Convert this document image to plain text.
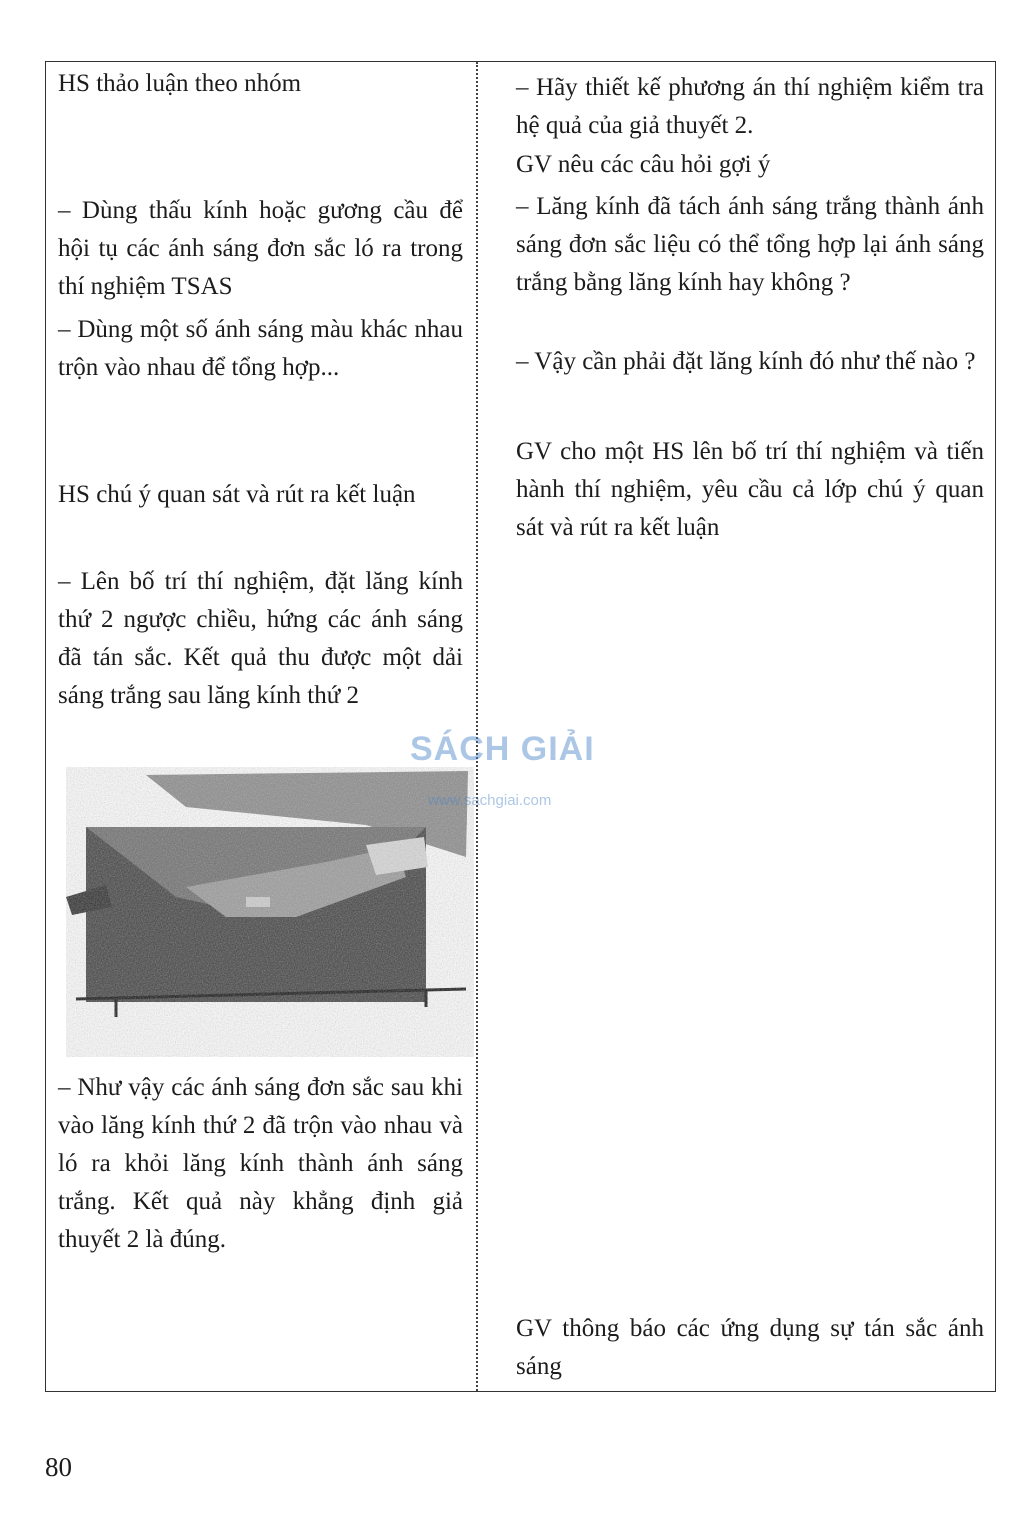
HS thảo luận theo nhóm

– Dùng thấu kính hoặc gương cầu để hội tụ các ánh sáng đơn sắc ló ra trong thí nghiệm TSAS

– Dùng một số ánh sáng màu khác nhau trộn vào nhau để tổng hợp...

HS chú ý quan sát và rút ra kết luận

– Lên bố trí thí nghiệm, đặt lăng kính thứ 2 ngược chiều, hứng các ánh sáng đã tán sắc. Kết quả thu được một dải sáng trắng sau lăng kính thứ 2

– Như vậy các ánh sáng đơn sắc sau khi vào lăng kính thứ 2 đã trộn vào nhau và ló ra khỏi lăng kính thành ánh sáng trắng. Kết quả này khẳng định giả thuyết 2 là đúng.

– Hãy thiết kế phương án thí nghiệm kiểm tra hệ quả của giả thuyết 2.

GV nêu các câu hỏi gợi ý

– Lăng kính đã tách ánh sáng trắng thành ánh sáng đơn sắc liệu có thể tổng hợp lại ánh sáng trắng bằng lăng kính hay không ?

– Vậy cần phải đặt lăng kính đó như thế nào ?

GV cho một HS lên bố trí thí nghiệm và tiến hành thí nghiệm, yêu cầu cả lớp chú ý quan sát và rút ra kết luận

GV thông báo các ứng dụng sự tán sắc ánh sáng

SÁCH GIẢI
www.sachgiai.com
80
